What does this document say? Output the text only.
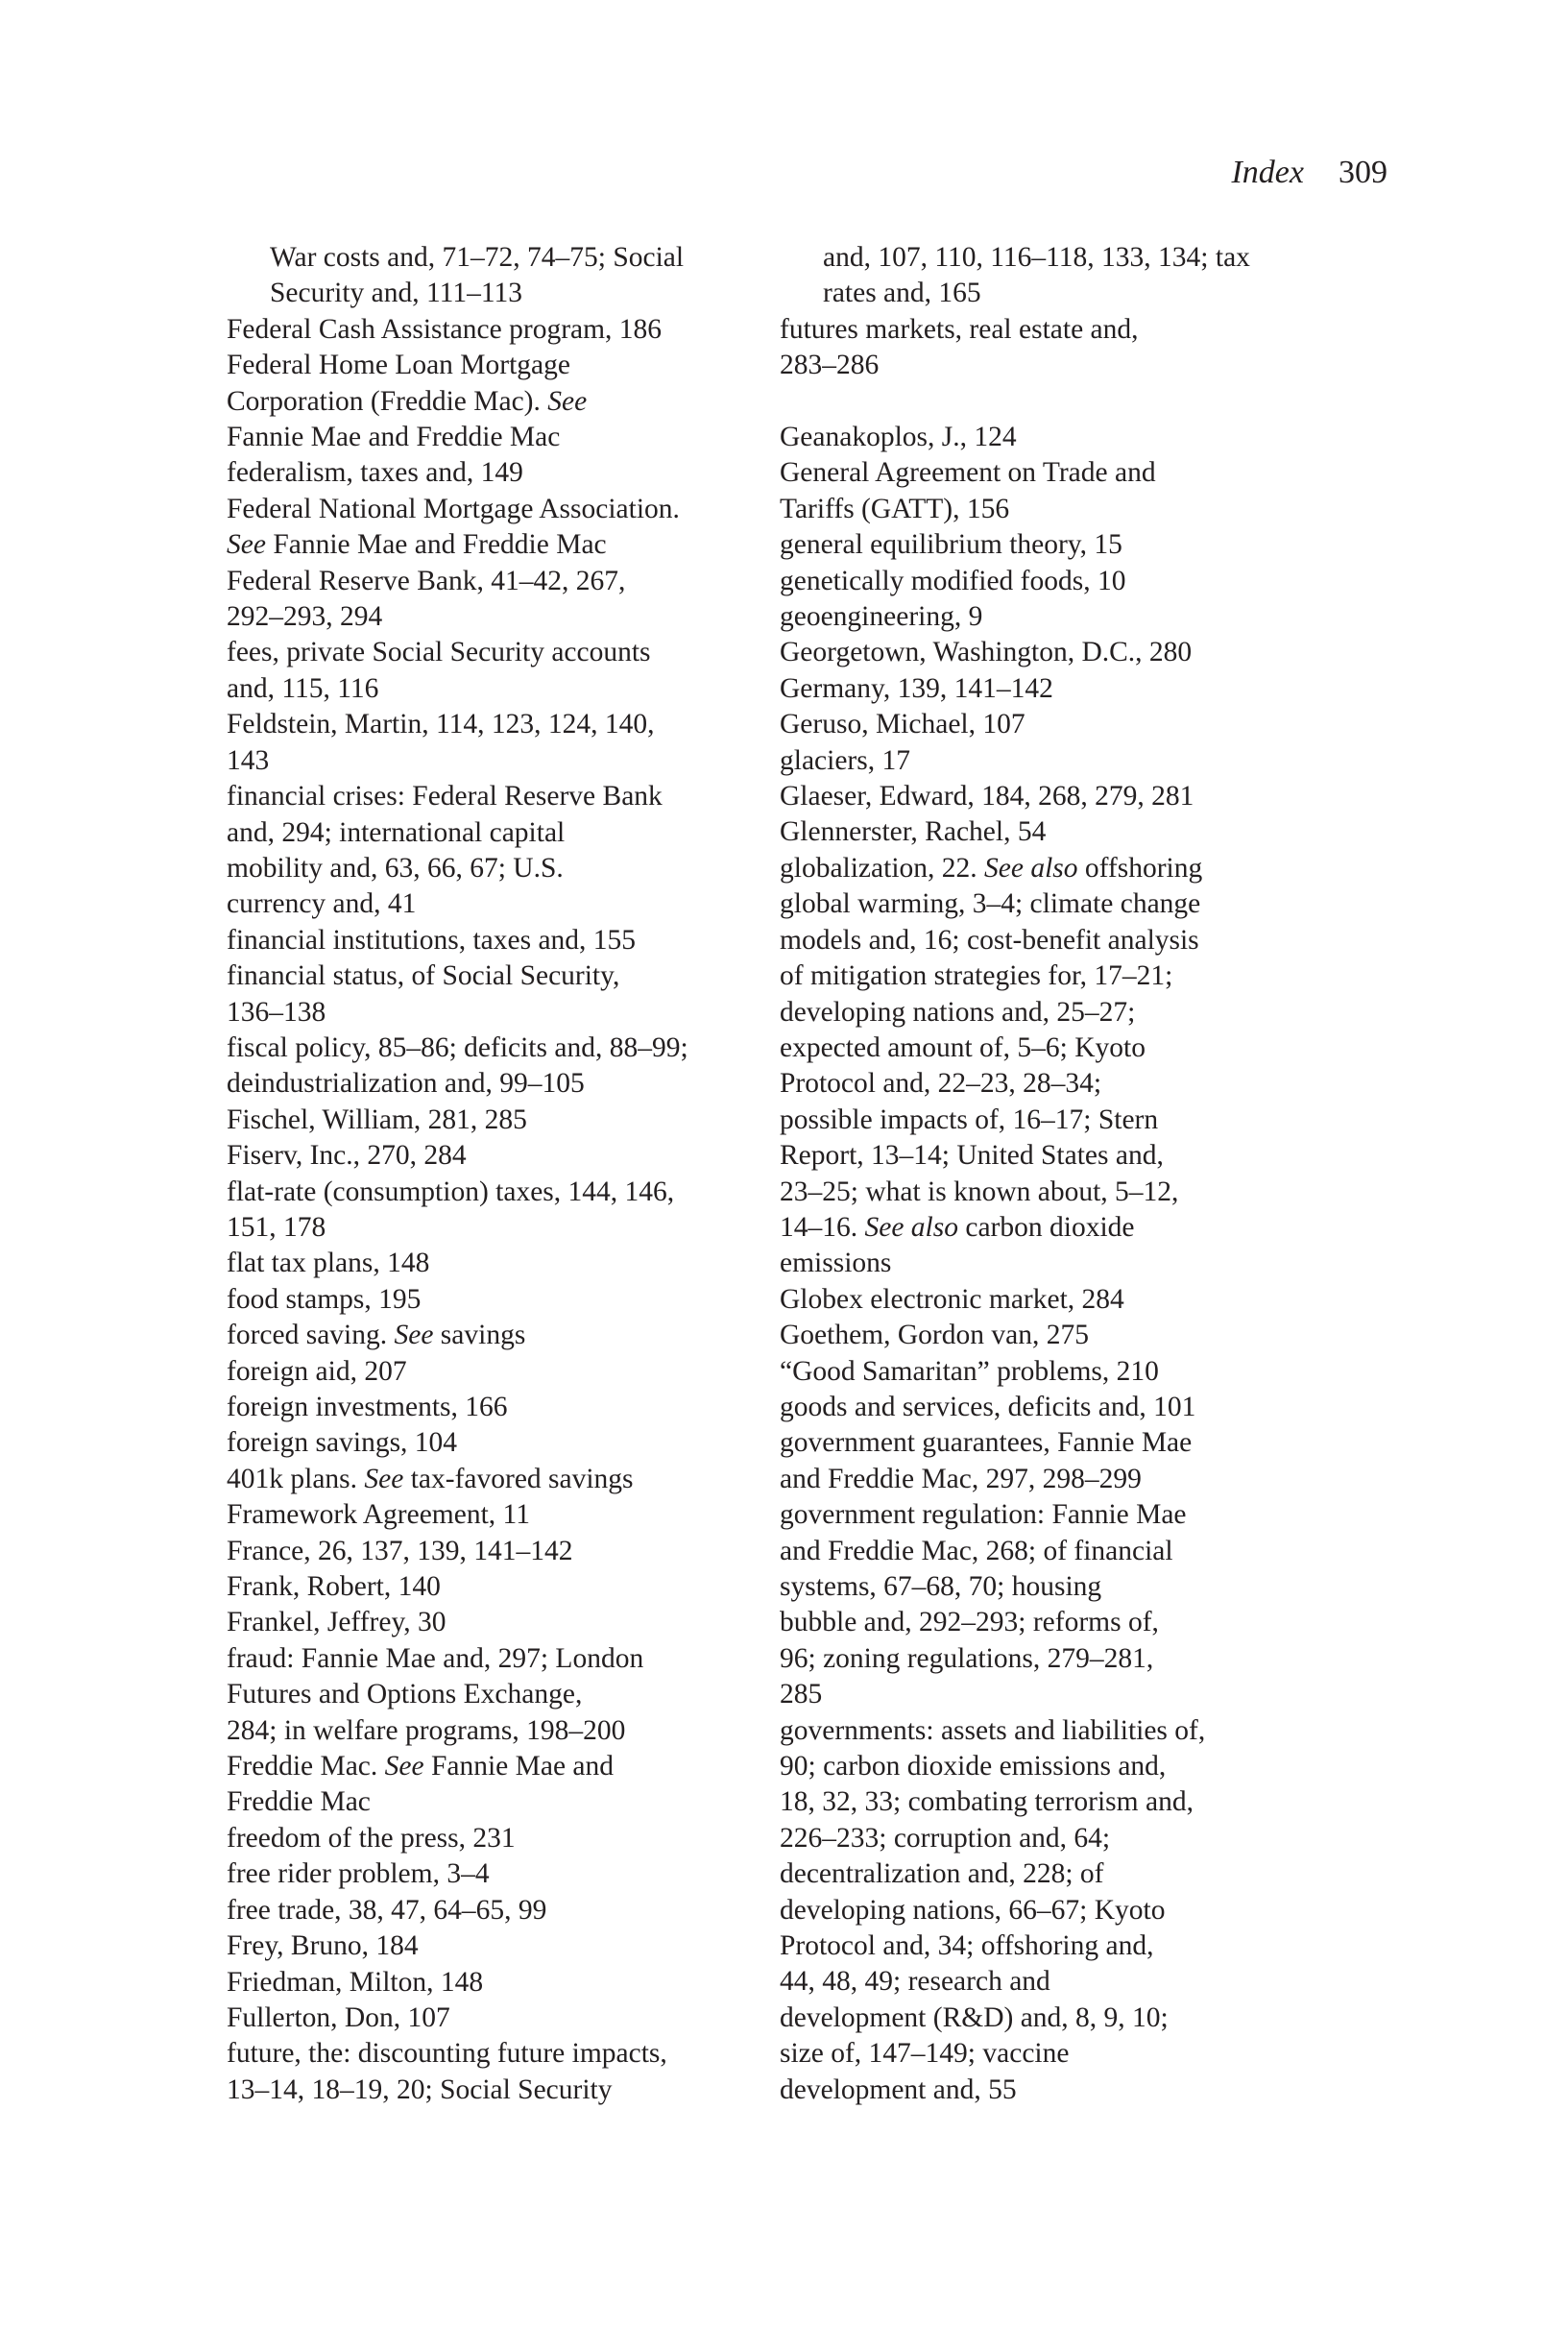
Index 309

War costs and, 71–72, 74–75; Social
Security and, 111–113

Federal Cash Assistance program, 186

Federal Home Loan Mortgage
Corporation (Freddie Mac). See
Fannie Mae and Freddie Mac

federalism, taxes and, 149

Federal National Mortgage Association.
See Fannie Mae and Freddie Mac

Federal Reserve Bank, 41–42, 267,
292–293, 294

fees, private Social Security accounts
and, 115, 116

Feldstein, Martin, 114, 123, 124, 140,
143

financial crises: Federal Reserve Bank
and, 294; international capital
mobility and, 63, 66, 67; U.S.
currency and, 41

financial institutions, taxes and, 155

financial status, of Social Security,
136–138

fiscal policy, 85–86; deficits and, 88–99;
deindustrialization and, 99–105

Fischel, William, 281, 285

Fiserv, Inc., 270, 284

flat-rate (consumption) taxes, 144, 146,
151, 178

flat tax plans, 148

food stamps, 195

forced saving. See savings

foreign aid, 207

foreign investments, 166

foreign savings, 104

401k plans. See tax-favored savings

Framework Agreement, 11

France, 26, 137, 139, 141–142

Frank, Robert, 140

Frankel, Jeffrey, 30

fraud: Fannie Mae and, 297; London
Futures and Options Exchange,
284; in welfare programs, 198–200

Freddie Mac. See Fannie Mae and
Freddie Mac

freedom of the press, 231

free rider problem, 3–4

free trade, 38, 47, 64–65, 99

Frey, Bruno, 184

Friedman, Milton, 148

Fullerton, Don, 107

future, the: discounting future impacts,
13–14, 18–19, 20; Social Security

and, 107, 110, 116–118, 133, 134; tax
rates and, 165

futures markets, real estate and,
283–286

Geanakoplos, J., 124

General Agreement on Trade and
Tariffs (GATT), 156

general equilibrium theory, 15

genetically modified foods, 10

geoengineering, 9

Georgetown, Washington, D.C., 280

Germany, 139, 141–142

Geruso, Michael, 107

glaciers, 17

Glaeser, Edward, 184, 268, 279, 281

Glennerster, Rachel, 54

globalization, 22. See also offshoring

global warming, 3–4; climate change
models and, 16; cost-benefit analysis
of mitigation strategies for, 17–21;
developing nations and, 25–27;
expected amount of, 5–6; Kyoto
Protocol and, 22–23, 28–34;
possible impacts of, 16–17; Stern
Report, 13–14; United States and,
23–25; what is known about, 5–12,
14–16. See also carbon dioxide
emissions

Globex electronic market, 284

Goethem, Gordon van, 275

“Good Samaritan” problems, 210

goods and services, deficits and, 101

government guarantees, Fannie Mae
and Freddie Mac, 297, 298–299

government regulation: Fannie Mae
and Freddie Mac, 268; of financial
systems, 67–68, 70; housing
bubble and, 292–293; reforms of,
96; zoning regulations, 279–281,
285

governments: assets and liabilities of,
90; carbon dioxide emissions and,
18, 32, 33; combating terrorism and,
226–233; corruption and, 64;
decentralization and, 228; of
developing nations, 66–67; Kyoto
Protocol and, 34; offshoring and,
44, 48, 49; research and
development (R&D) and, 8, 9, 10;
size of, 147–149; vaccine
development and, 55
